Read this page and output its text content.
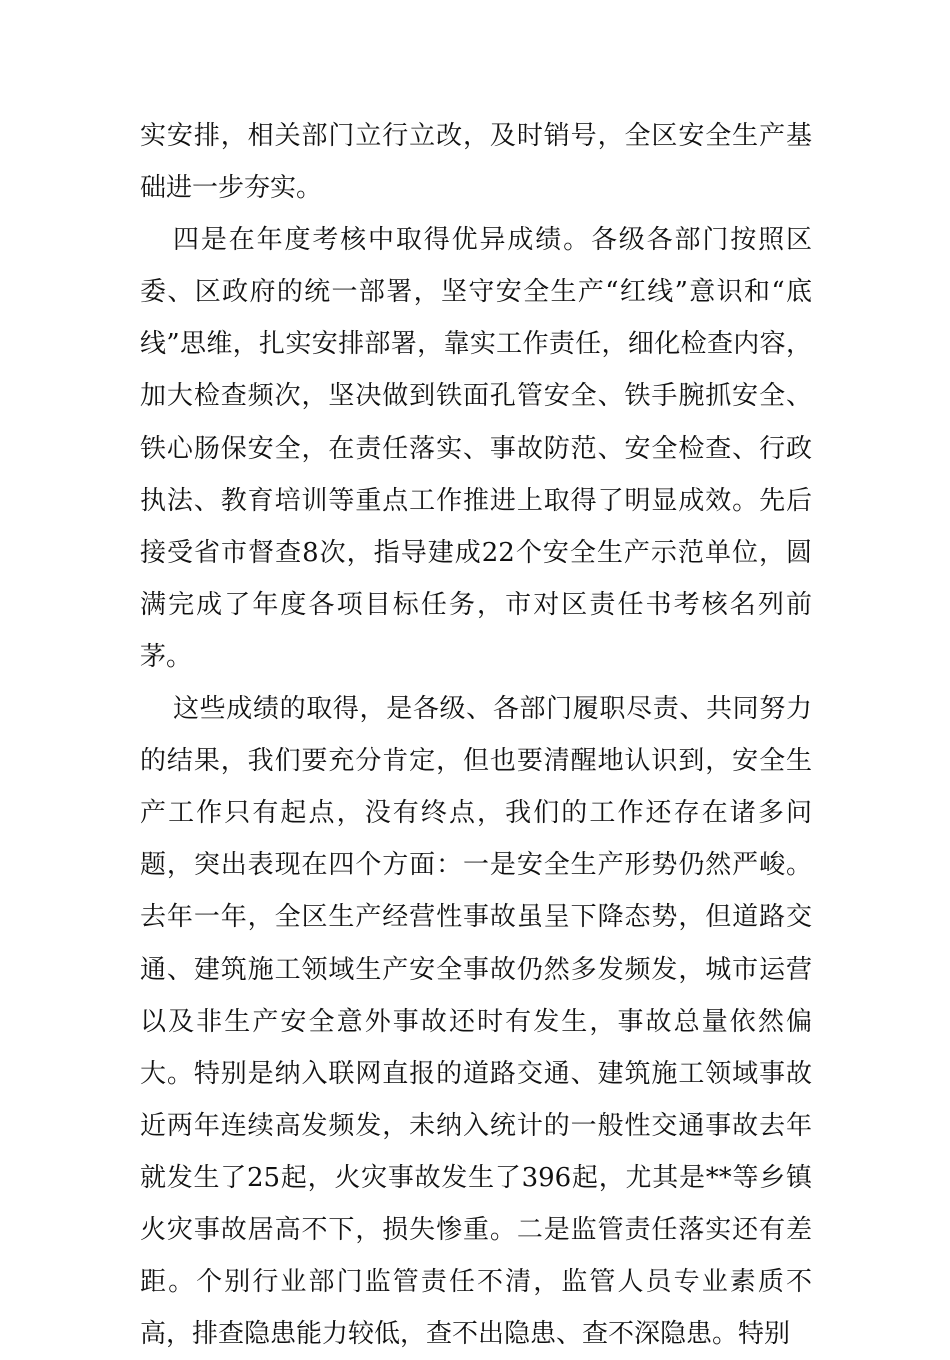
实安排，相关部门立行立改，及时销号，全区安全生产基础进一步夯实。

四是在年度考核中取得优异成绩。各级各部门按照区委、区政府的统一部署，坚守安全生产“红线”意识和“底线”思维，扎实安排部署，靠实工作责任，细化检查内容，加大检查频次，坚决做到铁面孔管安全、铁手腕抓安全、铁心肠保安全，在责任落实、事故防范、安全检查、行政执法、教育培训等重点工作推进上取得了明显成效。先后接受省市督查8次，指导建成22个安全生产示范单位，圆满完成了年度各项目标任务，市对区责任书考核名列前茅。

这些成绩的取得，是各级、各部门履职尽责、共同努力的结果，我们要充分肯定，但也要清醒地认识到，安全生产工作只有起点，没有终点，我们的工作还存在诸多问题，突出表现在四个方面：一是安全生产形势仍然严峻。去年一年，全区生产经营性事故虽呈下降态势，但道路交通、建筑施工领域生产安全事故仍然多发频发，城市运营以及非生产安全意外事故还时有发生，事故总量依然偏大。特别是纳入联网直报的道路交通、建筑施工领域事故近两年连续高发频发，未纳入统计的一般性交通事故去年就发生了25起，火灾事故发生了396起，尤其是**等乡镇火灾事故居高不下，损失惨重。二是监管责任落实还有差距。个别行业部门监管责任不清，监管人员专业素质不高，排查隐患能力较低，查不出隐患、查不深隐患。特别
